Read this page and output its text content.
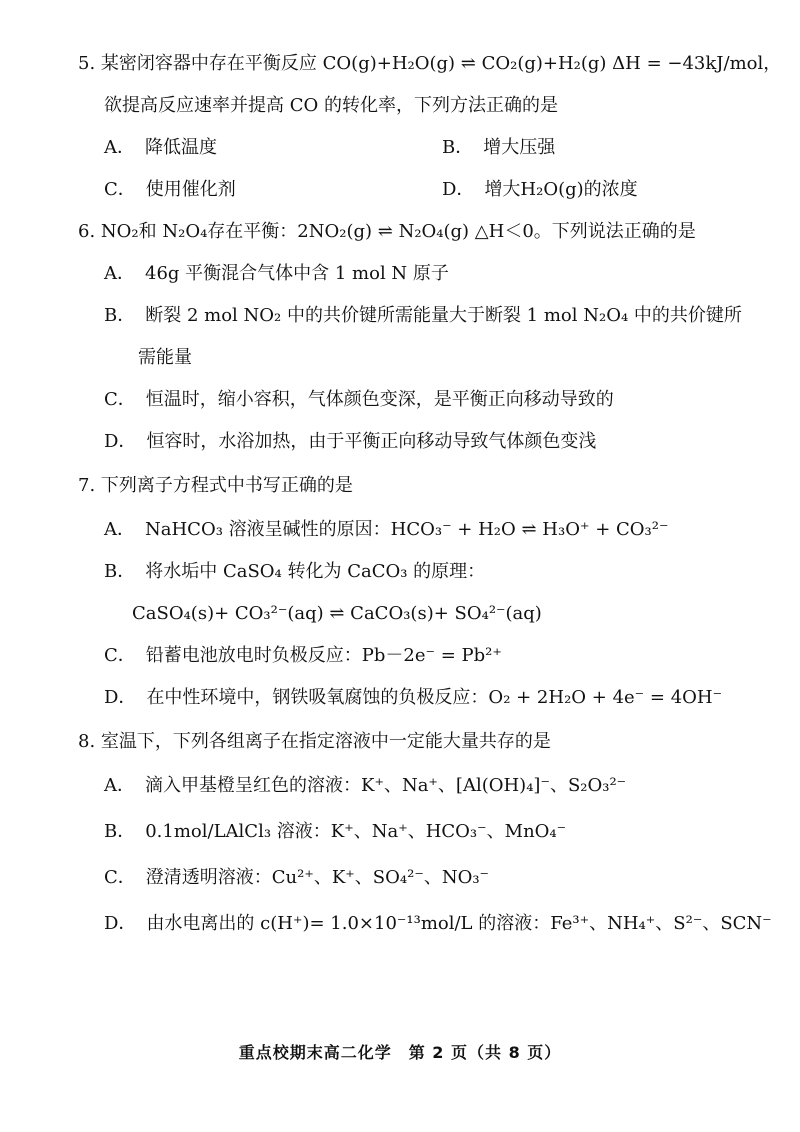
5. 某密闭容器中存在平衡反应 CO(g)+H₂O(g) ⇌ CO₂(g)+H₂(g) ΔH = −43kJ/mol，
欲提高反应速率并提高 CO 的转化率，下列方法正确的是
A． 降低温度	B． 增大压强
C． 使用催化剂	D． 增大H₂O(g)的浓度
6. NO₂和 N₂O₄存在平衡：2NO₂(g) ⇌ N₂O₄(g) △H＜0。下列说法正确的是
A． 46g 平衡混合气体中含 1 mol N 原子
B． 断裂 2 mol NO₂ 中的共价键所需能量大于断裂 1 mol N₂O₄ 中的共价键所
需能量
C． 恒温时，缩小容积，气体颜色变深，是平衡正向移动导致的
D． 恒容时，水浴加热，由于平衡正向移动导致气体颜色变浅
7. 下列离子方程式中书写正确的是
A． NaHCO₃ 溶液呈碱性的原因：HCO₃⁻ + H₂O ⇌ H₃O⁺ + CO₃²⁻
B． 将水垢中 CaSO₄ 转化为 CaCO₃ 的原理：
CaSO₄(s)+ CO₃²⁻(aq) ⇌ CaCO₃(s)+ SO₄²⁻(aq)
C． 铅蓄电池放电时负极反应：Pb－2e⁻ = Pb²⁺
D． 在中性环境中，钢铁吸氧腐蚀的负极反应：O₂ + 2H₂O + 4e⁻ = 4OH⁻
8. 室温下，下列各组离子在指定溶液中一定能大量共存的是
A． 滴入甲基橙呈红色的溶液：K⁺、Na⁺、[Al(OH)₄]⁻、S₂O₃²⁻
B． 0.1mol/LAlCl₃ 溶液：K⁺、Na⁺、HCO₃⁻、MnO₄⁻
C． 澄清透明溶液：Cu²⁺、K⁺、SO₄²⁻、NO₃⁻
D． 由水电离出的 c(H⁺)= 1.0×10⁻¹³mol/L 的溶液：Fe³⁺、NH₄⁺、S²⁻、SCN⁻
重点校期末高二化学　第 2 页（共 8 页）
